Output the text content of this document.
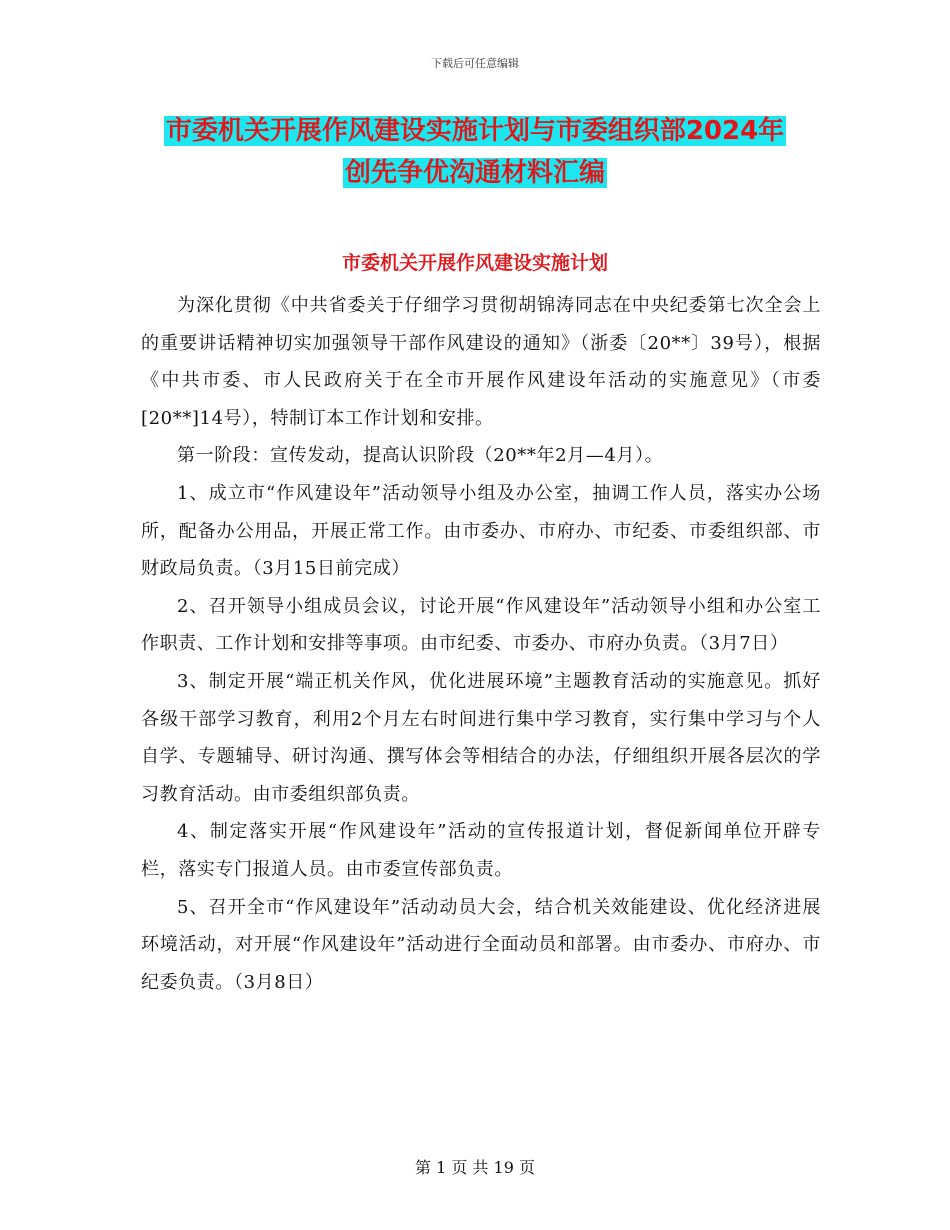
下载后可任意编辑
市委机关开展作风建设实施计划与市委组织部2024年
创先争优沟通材料汇编
市委机关开展作风建设实施计划

为深化贯彻《中共省委关于仔细学习贯彻胡锦涛同志在中央纪委第七次全会上的重要讲话精神切实加强领导干部作风建设的通知》（浙委〔20**〕39号），根据《中共市委、市人民政府关于在全市开展作风建设年活动的实施意见》（市委[20**]14号），特制订本工作计划和安排。

第一阶段：宣传发动，提高认识阶段（20**年2月—4月）。

1、成立市“作风建设年”活动领导小组及办公室，抽调工作人员，落实办公场所，配备办公用品，开展正常工作。由市委办、市府办、市纪委、市委组织部、市财政局负责。（3月15日前完成）

2、召开领导小组成员会议，讨论开展“作风建设年”活动领导小组和办公室工作职责、工作计划和安排等事项。由市纪委、市委办、市府办负责。（3月7日）

3、制定开展“端正机关作风，优化进展环境”主题教育活动的实施意见。抓好各级干部学习教育，利用2个月左右时间进行集中学习教育，实行集中学习与个人自学、专题辅导、研讨沟通、撰写体会等相结合的办法，仔细组织开展各层次的学习教育活动。由市委组织部负责。

4、制定落实开展“作风建设年”活动的宣传报道计划，督促新闻单位开辟专栏，落实专门报道人员。由市委宣传部负责。

5、召开全市“作风建设年”活动动员大会，结合机关效能建设、优化经济进展环境活动，对开展“作风建设年”活动进行全面动员和部署。由市委办、市府办、市纪委负责。（3月8日）

第 1 页 共 19 页
